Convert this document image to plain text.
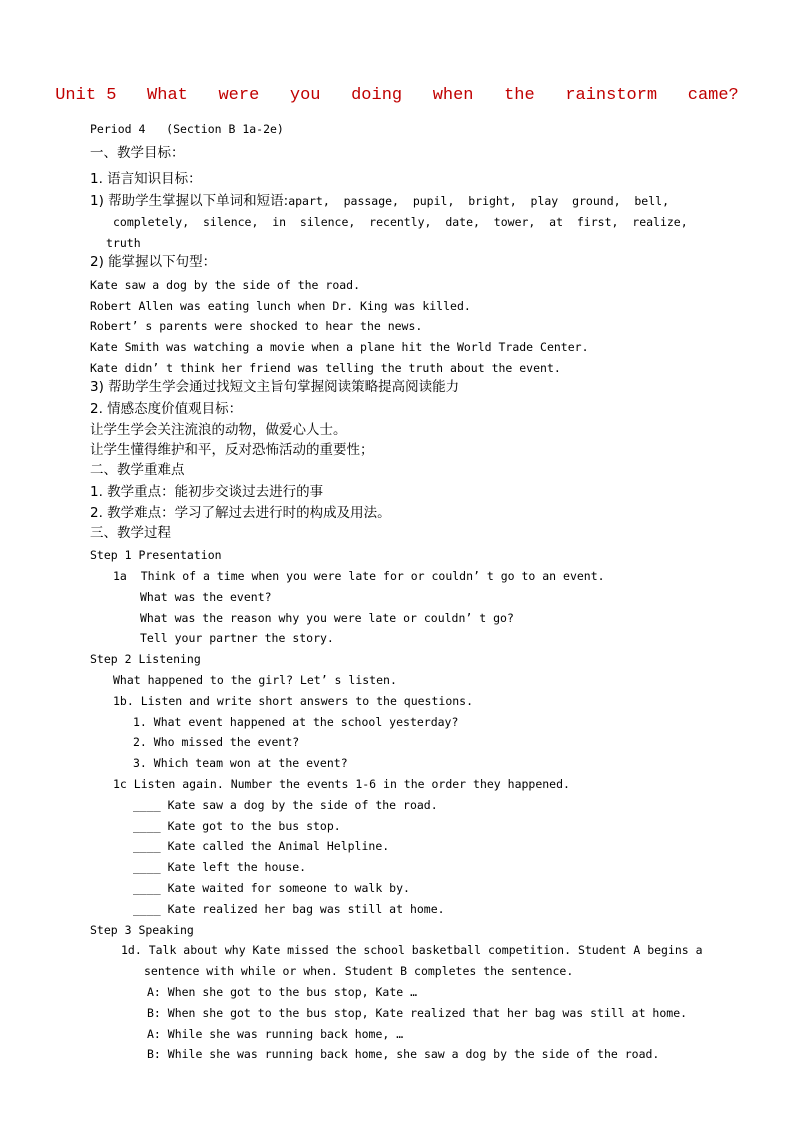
Unit 5   What   were   you   doing   when   the   rainstorm   came?
Period 4   (Section B 1a-2e)
一、教学目标：
1. 语言知识目标：
1) 帮助学生掌握以下单词和短语:apart,  passage,  pupil,  bright,  play  ground,  bell,
completely,  silence,  in  silence,  recently,  date,  tower,  at  first,  realize,
truth
2) 能掌握以下句型：
Kate saw a dog by the side of the road.
Robert Allen was eating lunch when Dr. King was killed.
Robert’ s parents were shocked to hear the news.
Kate Smith was watching a movie when a plane hit the World Trade Center.
Kate didn’ t think her friend was telling the truth about the event.
3) 帮助学生学会通过找短文主旨句掌握阅读策略提高阅读能力
2. 情感态度价值观目标：
让学生学会关注流浪的动物，做爱心人士。
让学生懂得维护和平，反对恐怖活动的重要性；
二、教学重难点
1. 教学重点：能初步交谈过去进行的事
2. 教学难点：学习了解过去进行时的构成及用法。
三、教学过程
Step 1 Presentation
1a  Think of a time when you were late for or couldn’ t go to an event.
What was the event?
What was the reason why you were late or couldn’ t go?
Tell your partner the story.
Step 2 Listening
What happened to the girl? Let’ s listen.
1b. Listen and write short answers to the questions.
1. What event happened at the school yesterday?
2. Who missed the event?
3. Which team won at the event?
1c Listen again. Number the events 1-6 in the order they happened.
____ Kate saw a dog by the side of the road.
____ Kate got to the bus stop.
____ Kate called the Animal Helpline.
____ Kate left the house.
____ Kate waited for someone to walk by.
____ Kate realized her bag was still at home.
Step 3 Speaking
1d. Talk about why Kate missed the school basketball competition. Student A begins a
sentence with while or when. Student B completes the sentence.
A: When she got to the bus stop, Kate …
B: When she got to the bus stop, Kate realized that her bag was still at home.
A: While she was running back home, …
B: While she was running back home, she saw a dog by the side of the road.
